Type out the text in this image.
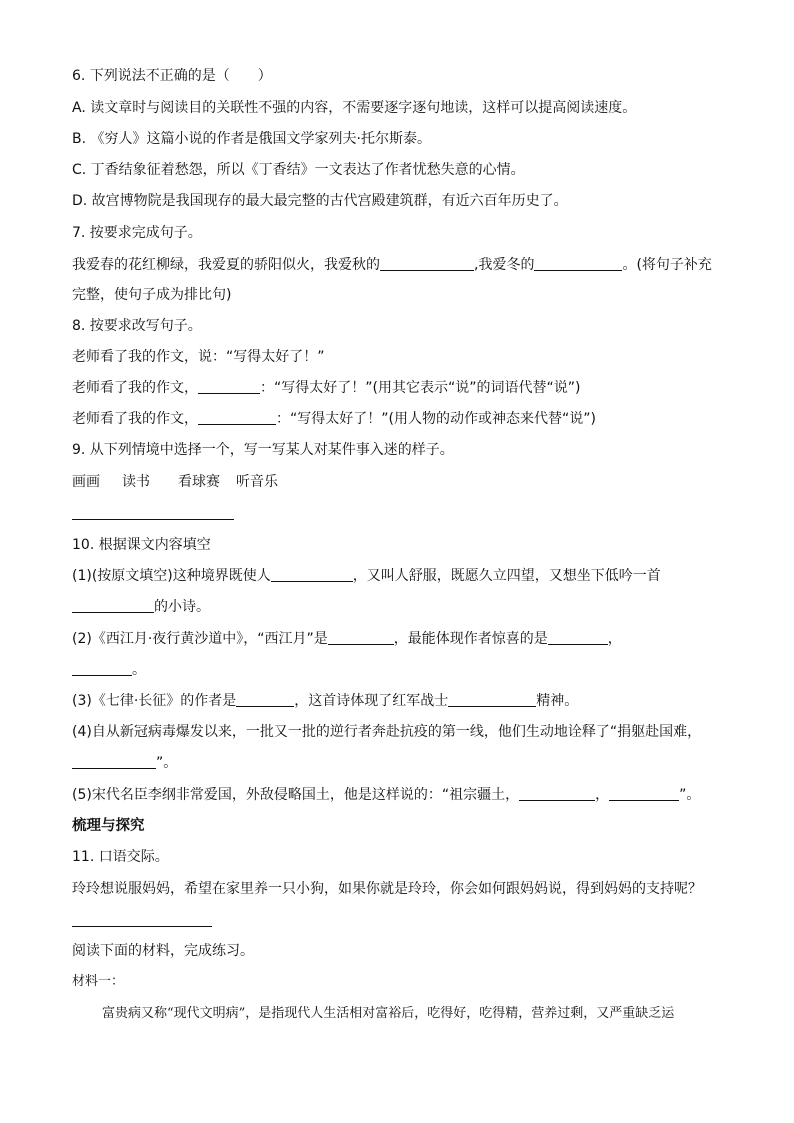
6. 下列说法不正确的是（　　）
A. 读文章时与阅读目的关联性不强的内容，不需要逐字逐句地读，这样可以提高阅读速度。
B. 《穷人》这篇小说的作者是俄国文学家列夫·托尔斯泰。
C. 丁香结象征着愁怨，所以《丁香结》一文表达了作者忧愁失意的心情。
D. 故宫博物院是我国现存的最大最完整的古代宫殿建筑群，有近六百年历史了。
7. 按要求完成句子。
我爱春的花红柳绿，我爱夏的骄阳似火，我爱秋的	,我爱冬的	。(将句子补充
完整，使句子成为排比句)
8. 按要求改写句子。
老师看了我的作文，说：“写得太好了！”
老师看了我的作文，	：“写得太好了！”(用其它表示“说”的词语代替“说”)
老师看了我的作文，	：“写得太好了！”(用人物的动作或神态来代替“说”)
9. 从下列情境中选择一个，写一写某人对某件事入迷的样子。
画画 读书 看球赛 听音乐
10. 根据课文内容填空
(1)(按原文填空)这种境界既使人	，又叫人舒服，既愿久立四望，又想坐下低吟一首
的小诗。
(2)《西江月·夜行黄沙道中》，“西江月”是	，最能体现作者惊喜的是	，
。
(3)《七律·长征》的作者是	，这首诗体现了红军战士	精神。
(4)自从新冠病毒爆发以来，一批又一批的逆行者奔赴抗疫的第一线，他们生动地诠释了“捐躯赴国难，
”。
(5)宋代名臣李纲非常爱国，外敌侵略国土，他是这样说的：“祖宗疆土，	，	”。
梳理与探究
11. 口语交际。
玲玲想说服妈妈，希望在家里养一只小狗，如果你就是玲玲，你会如何跟妈妈说，得到妈妈的支持呢？
阅读下面的材料，完成练习。
材料一：
富贵病又称“现代文明病”，是指现代人生活相对富裕后，吃得好，吃得精，营养过剩，又严重缺乏运
